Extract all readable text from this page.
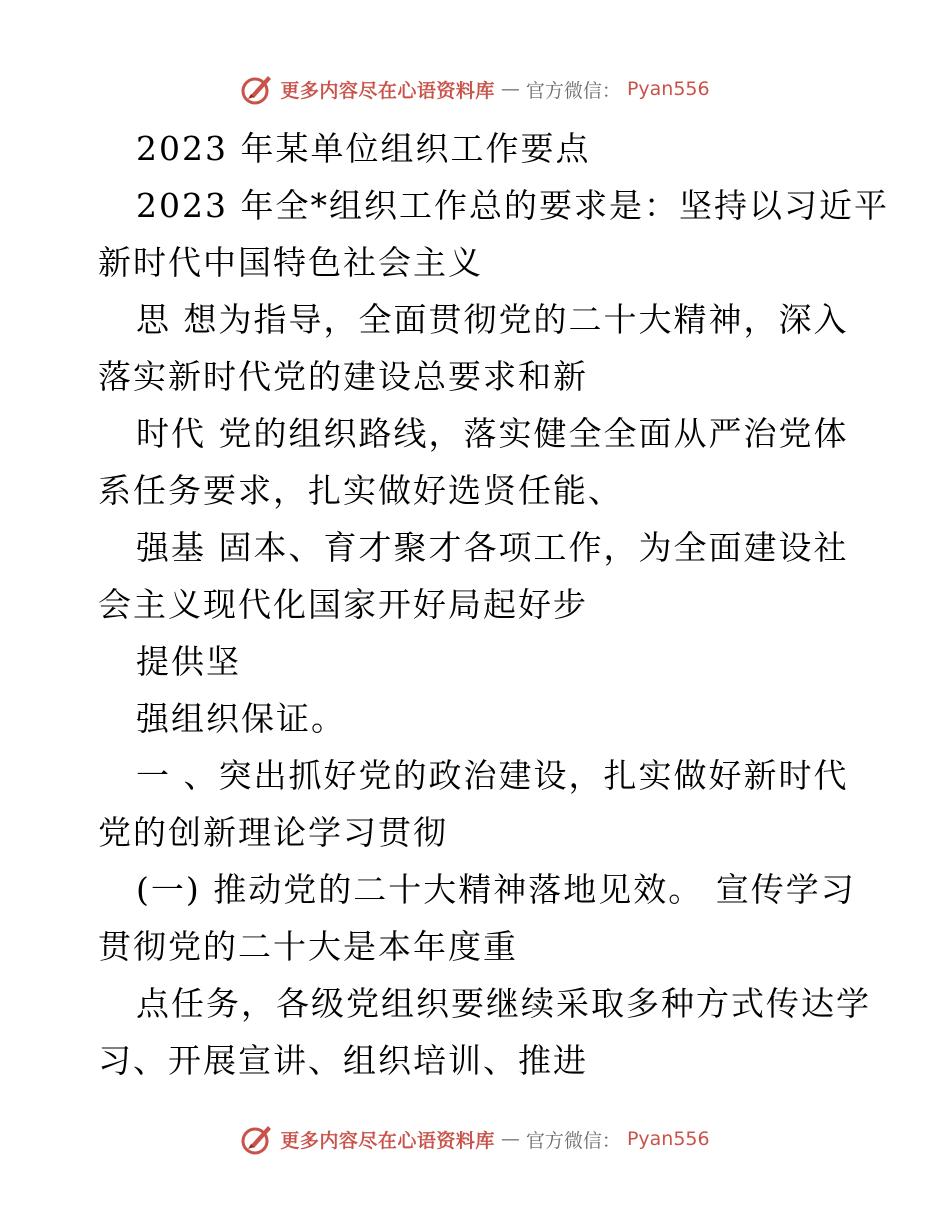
更多内容尽在心语资料库 — 官方微信： Pyan556
2023 年某单位组织工作要点
2023 年全*组织工作总的要求是：坚持以习近平
新时代中国特色社会主义
思 想为指导，全面贯彻党的二十大精神，深入
落实新时代党的建设总要求和新
时代 党的组织路线，落实健全全面从严治党体
系任务要求，扎实做好选贤任能、
强基 固本、育才聚才各项工作，为全面建设社
会主义现代化国家开好局起好步
提供坚
强组织保证。
一 、突出抓好党的政治建设，扎实做好新时代
党的创新理论学习贯彻
(一) 推动党的二十大精神落地见效。 宣传学习
贯彻党的二十大是本年度重
点任务，各级党组织要继续采取多种方式传达学
习、开展宣讲、组织培训、推进
更多内容尽在心语资料库 — 官方微信： Pyan556
